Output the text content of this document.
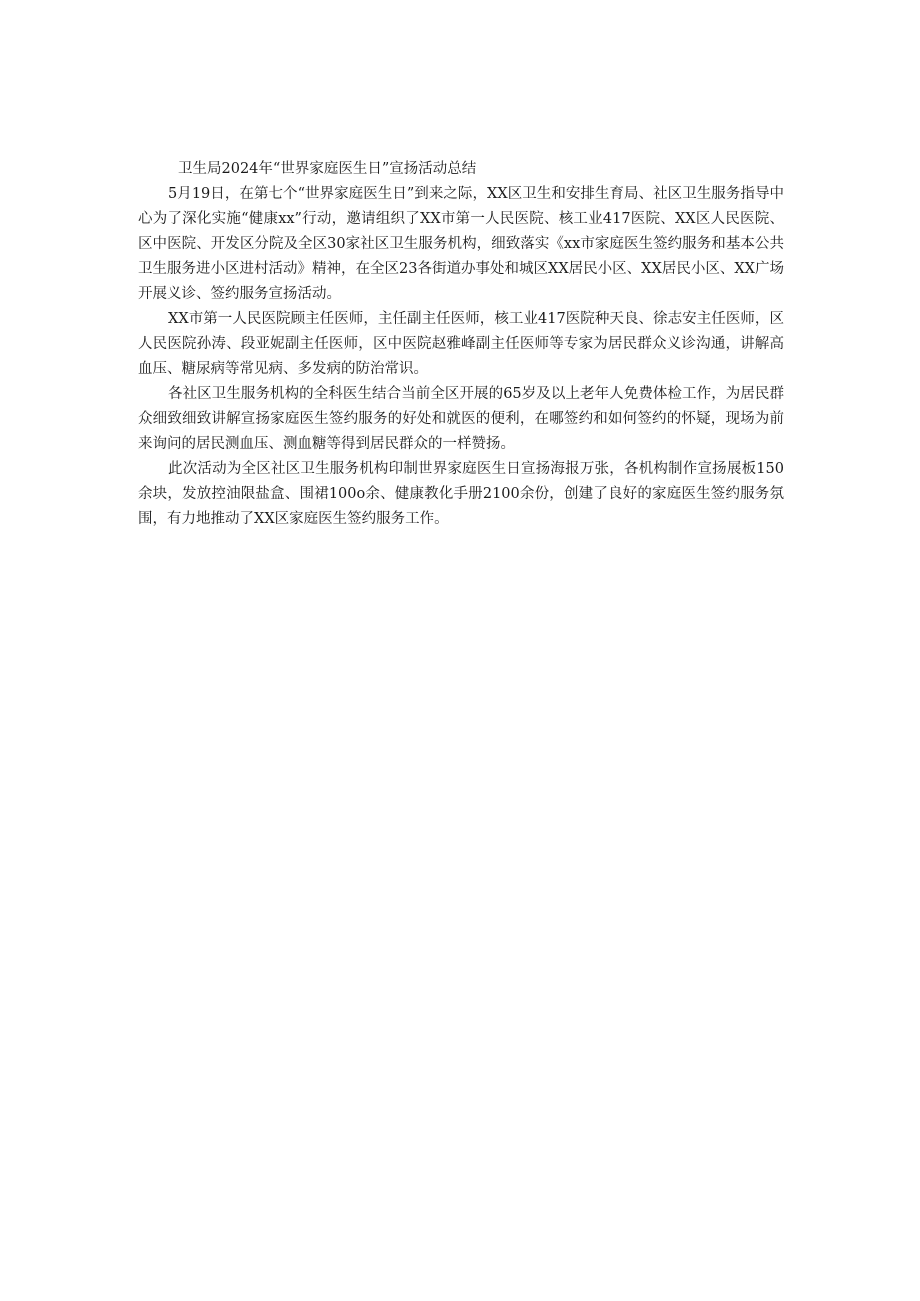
卫生局2024年“世界家庭医生日”宣扬活动总结

5月19日，在第七个“世界家庭医生日”到来之际，XX区卫生和安排生育局、社区卫生服务指导中心为了深化实施“健康xx”行动，邀请组织了XX市第一人民医院、核工业417医院、XX区人民医院、区中医院、开发区分院及全区30家社区卫生服务机构，细致落实《xx市家庭医生签约服务和基本公共卫生服务进小区进村活动》精神，在全区23各街道办事处和城区XX居民小区、XX居民小区、XX广场开展义诊、签约服务宣扬活动。

XX市第一人民医院顾主任医师，主任副主任医师，核工业417医院种天良、徐志安主任医师，区人民医院孙涛、段亚妮副主任医师，区中医院赵雅峰副主任医师等专家为居民群众义诊沟通，讲解高血压、糖尿病等常见病、多发病的防治常识。

各社区卫生服务机构的全科医生结合当前全区开展的65岁及以上老年人免费体检工作，为居民群众细致细致讲解宣扬家庭医生签约服务的好处和就医的便利，在哪签约和如何签约的怀疑，现场为前来询问的居民测血压、测血糖等得到居民群众的一样赞扬。

此次活动为全区社区卫生服务机构印制世界家庭医生日宣扬海报万张，各机构制作宣扬展板150余块，发放控油限盐盒、围裙100o余、健康教化手册2100余份，创建了良好的家庭医生签约服务氛围，有力地推动了XX区家庭医生签约服务工作。
